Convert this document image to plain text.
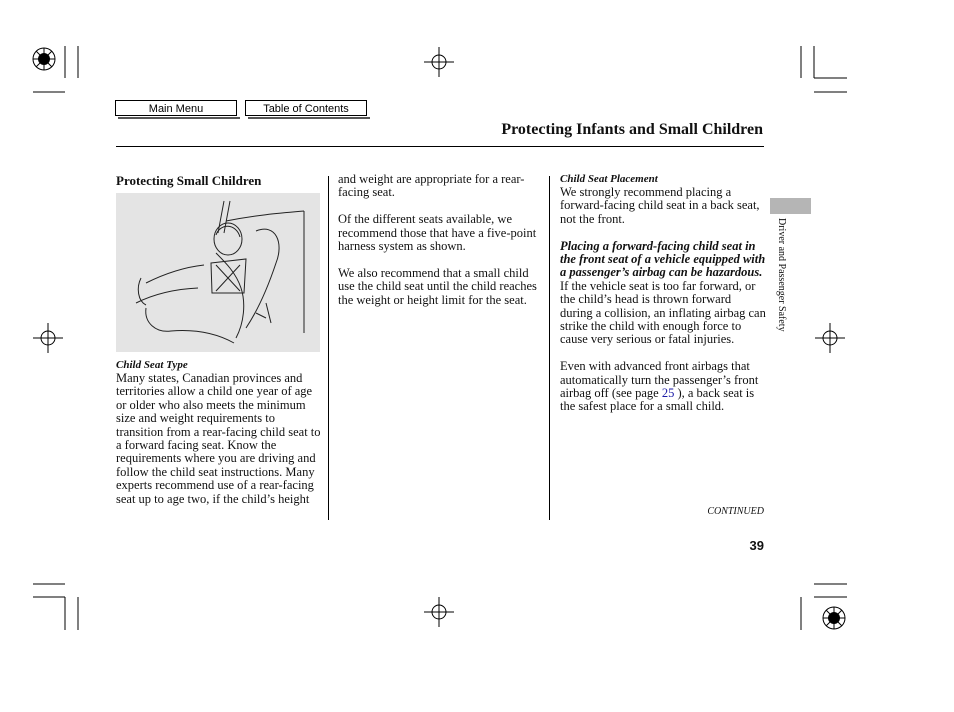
Main Menu	Table of Contents
Protecting Infants and Small Children
Driver and Passenger Safety
Protecting Small Children
Child Seat Type
Many states, Canadian provinces and territories allow a child one year of age or older who also meets the minimum size and weight requirements to transition from a rear-facing child seat to a forward facing seat. Know the requirements where you are driving and follow the child seat instructions. Many experts recommend use of a rear-facing seat up to age two, if the child’s height

and weight are appropriate for a rear-facing seat.

Of the different seats available, we recommend those that have a five-point harness system as shown.

We also recommend that a small child use the child seat until the child reaches the weight or height limit for the seat.

Child Seat Placement

We strongly recommend placing a forward-facing child seat in a back seat, not the front.

Placing a forward-facing child seat in the front seat of a vehicle equipped with a passenger’s airbag can be hazardous. If the vehicle seat is too far forward, or the child’s head is thrown forward during a collision, an inflating airbag can strike the child with enough force to cause very serious or fatal injuries.

Even with advanced front airbags that automatically turn the passenger’s front airbag off (see page 25 ), a back seat is the safest place for a small child.

CONTINUED
39
